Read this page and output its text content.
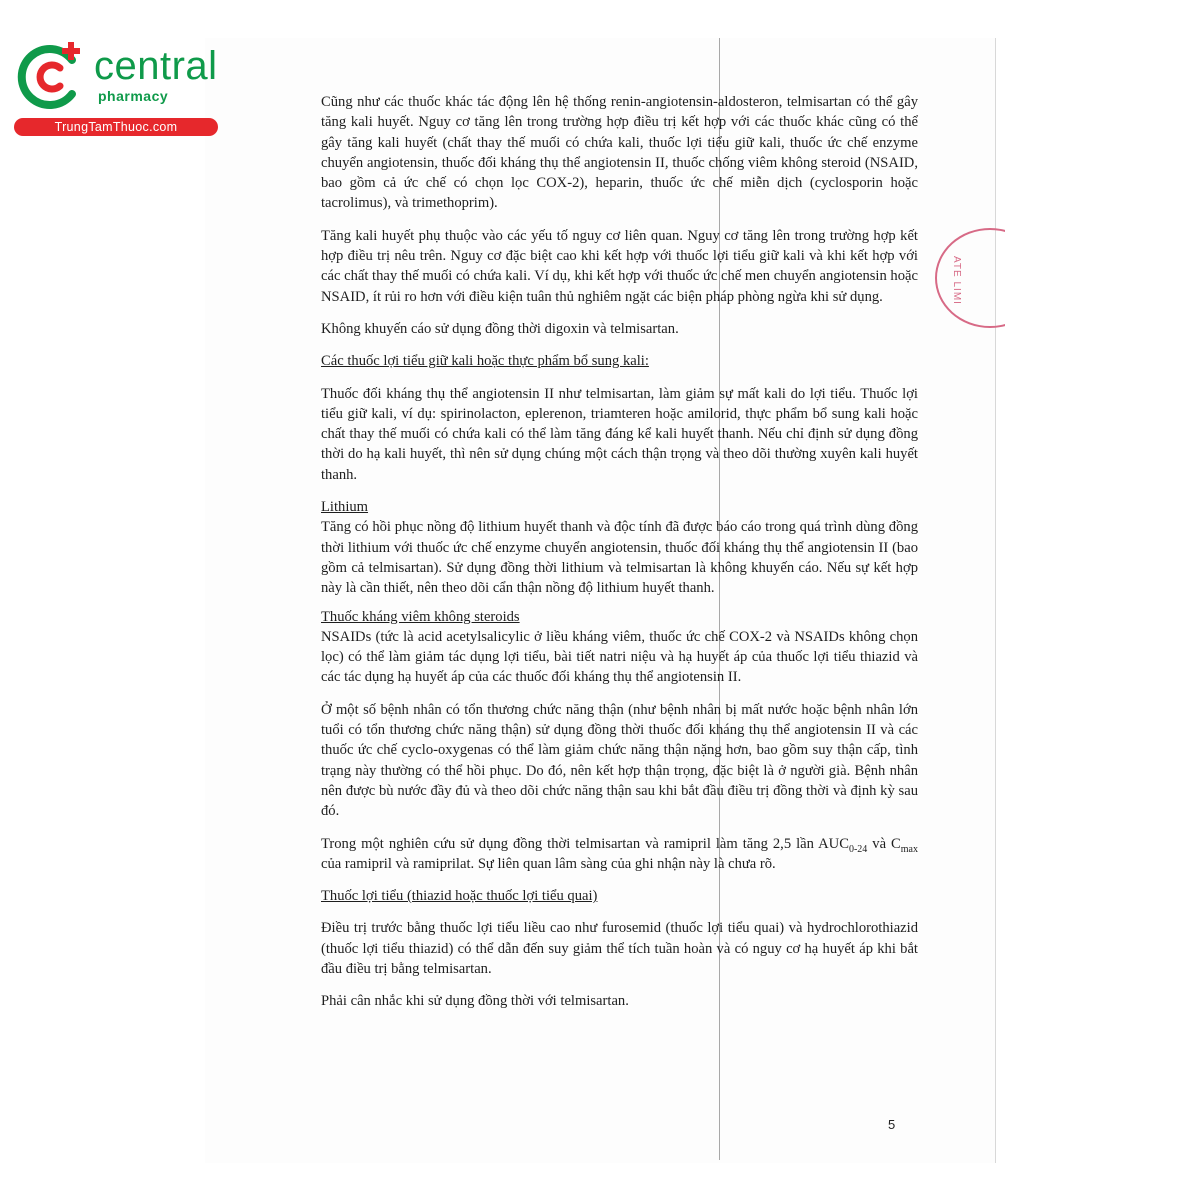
ATE LIMI
central
pharmacy
TrungTamThuoc.com

Cũng như các thuốc khác tác động lên hệ thống renin-angiotensin-aldosteron, telmisartan có thể gây tăng kali huyết. Nguy cơ tăng lên trong trường hợp điều trị kết hợp với các thuốc khác cũng có thể gây tăng kali huyết (chất thay thế muối có chứa kali, thuốc lợi tiểu giữ kali, thuốc ức chế enzyme chuyển angiotensin, thuốc đối kháng thụ thể angiotensin II, thuốc chống viêm không steroid (NSAID, bao gồm cả ức chế có chọn lọc COX-2), heparin, thuốc ức chế miễn dịch (cyclosporin hoặc tacrolimus), và trimethoprim).

Tăng kali huyết phụ thuộc vào các yếu tố nguy cơ liên quan. Nguy cơ tăng lên trong trường hợp kết hợp điều trị nêu trên. Nguy cơ đặc biệt cao khi kết hợp với thuốc lợi tiểu giữ kali và khi kết hợp với các chất thay thế muối có chứa kali. Ví dụ, khi kết hợp với thuốc ức chế men chuyển angiotensin hoặc NSAID, ít rủi ro hơn với điều kiện tuân thủ nghiêm ngặt các biện pháp phòng ngừa khi sử dụng.

Không khuyến cáo sử dụng đồng thời digoxin và telmisartan.

Các thuốc lợi tiểu giữ kali hoặc thực phẩm bổ sung kali:

Thuốc đối kháng thụ thể angiotensin II như telmisartan, làm giảm sự mất kali do lợi tiểu. Thuốc lợi tiểu giữ kali, ví dụ: spirinolacton, eplerenon, triamteren hoặc amilorid, thực phẩm bổ sung kali hoặc chất thay thế muối có chứa kali có thể làm tăng đáng kể kali huyết thanh. Nếu chỉ định sử dụng đồng thời do hạ kali huyết, thì nên sử dụng chúng một cách thận trọng và theo dõi thường xuyên kali huyết thanh.

Lithium

Tăng có hồi phục nồng độ lithium huyết thanh và độc tính đã được báo cáo trong quá trình dùng đồng thời lithium với thuốc ức chế enzyme chuyển angiotensin, thuốc đối kháng thụ thể angiotensin II (bao gồm cả telmisartan). Sử dụng đồng thời lithium và telmisartan là không khuyến cáo. Nếu sự kết hợp này là cần thiết, nên theo dõi cẩn thận nồng độ lithium huyết thanh.

Thuốc kháng viêm không steroids

NSAIDs (tức là acid acetylsalicylic ở liều kháng viêm, thuốc ức chế COX-2 và NSAIDs không chọn lọc) có thể làm giảm tác dụng lợi tiểu, bài tiết natri niệu và hạ huyết áp của thuốc lợi tiểu thiazid và các tác dụng hạ huyết áp của các thuốc đối kháng thụ thể angiotensin II.

Ở một số bệnh nhân có tổn thương chức năng thận (như bệnh nhân bị mất nước hoặc bệnh nhân lớn tuổi có tổn thương chức năng thận) sử dụng đồng thời thuốc đối kháng thụ thể angiotensin II và các thuốc ức chế cyclo-oxygenas có thể làm giảm chức năng thận nặng hơn, bao gồm suy thận cấp, tình trạng này thường có thể hồi phục. Do đó, nên kết hợp thận trọng, đặc biệt là ở người già. Bệnh nhân nên được bù nước đầy đủ và theo dõi chức năng thận sau khi bắt đầu điều trị đồng thời và định kỳ sau đó.

Trong một nghiên cứu sử dụng đồng thời telmisartan và ramipril làm tăng 2,5 lần $AUC_{0-24}$ và $C_{max}$ của ramipril và ramiprilat. Sự liên quan lâm sàng của ghi nhận này là chưa rõ.

Thuốc lợi tiểu (thiazid hoặc thuốc lợi tiểu quai)

Điều trị trước bằng thuốc lợi tiểu liều cao như furosemid (thuốc lợi tiểu quai) và hydrochlorothiazid (thuốc lợi tiểu thiazid) có thể dẫn đến suy giảm thể tích tuần hoàn và có nguy cơ hạ huyết áp khi bắt đầu điều trị bằng telmisartan.

Phải cân nhắc khi sử dụng đồng thời với telmisartan.

5
